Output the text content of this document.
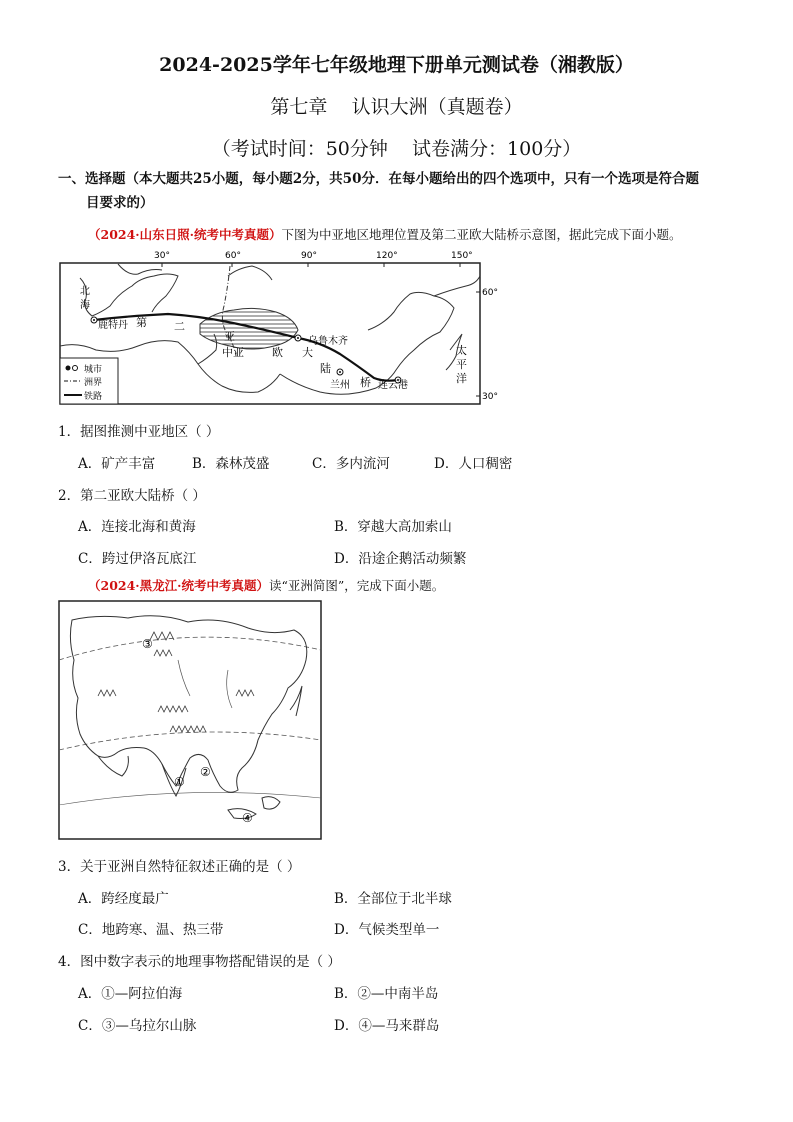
2024-2025学年七年级地理下册单元测试卷（湘教版）
第七章    认识大洲（真题卷）
（考试时间：50分钟    试卷满分：100分）
一、选择题（本大题共25小题，每小题2分，共50分．在每小题给出的四个选项中，只有一个选项是符合题
目要求的）
（2024·山东日照·统考中考真题）下图为中亚地区地理位置及第二亚欧大陆桥示意图，据此完成下面小题。
30°	60°	90°	120°	150°
60°
30°
北
海
鹿特丹 第 二
亚
中亚	欧 大
陆
桥
乌鲁木齐
兰州	连云港
太
平
洋
城市
洲界
铁路
1．据图推测中亚地区（ ）
A．矿产丰富	B．森林茂盛	C．多内流河	D．人口稠密
2．第二亚欧大陆桥（ ）
A．连接北海和黄海	B．穿越大高加索山
C．跨过伊洛瓦底江	D．沿途企鹅活动频繁
（2024·黑龙江·统考中考真题）读“亚洲简图”，完成下面小题。
①
②
③
④
3．关于亚洲自然特征叙述正确的是（ ）
A．跨经度最广	B．全部位于北半球
C．地跨寒、温、热三带	D．气候类型单一
4．图中数字表示的地理事物搭配错误的是（ ）
A．①—阿拉伯海	B．②—中南半岛
C．③—乌拉尔山脉	D．④—马来群岛
